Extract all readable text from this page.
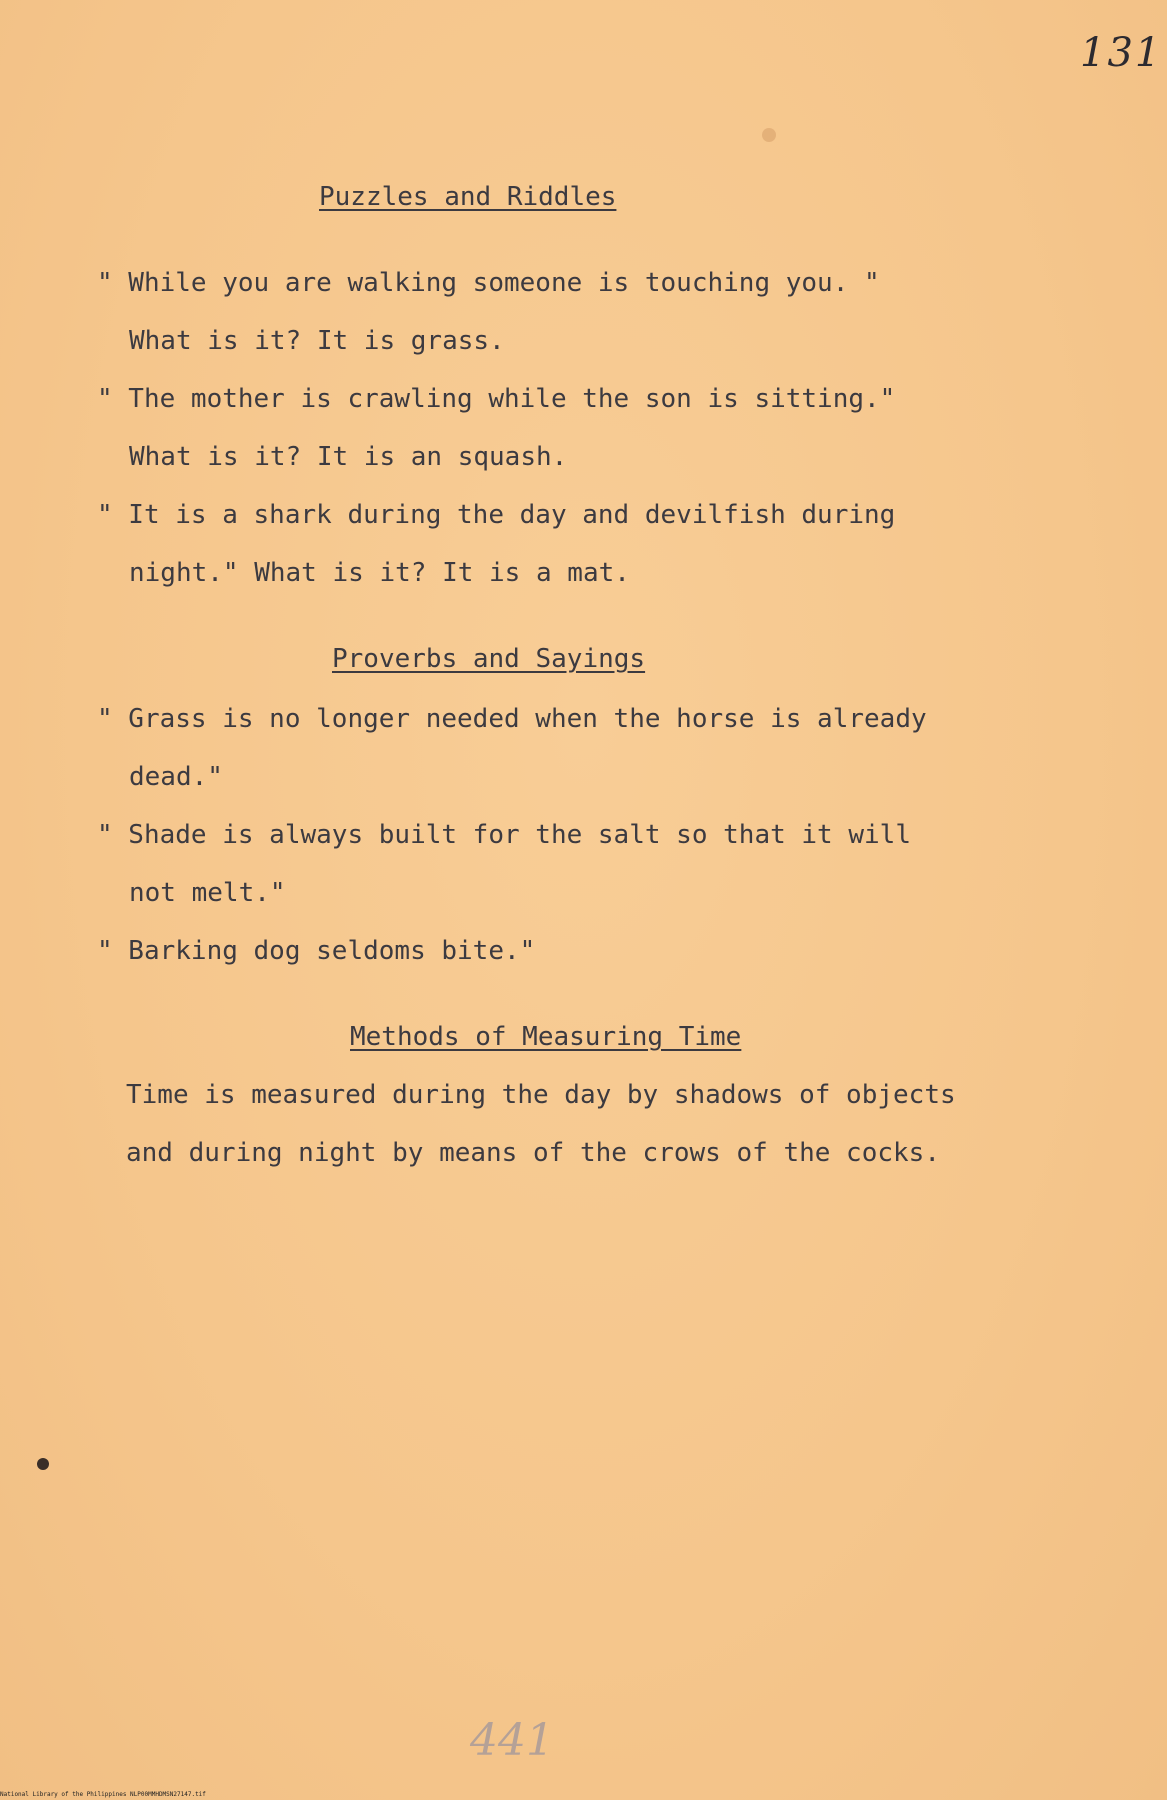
131
Puzzles and Riddles
" While you are walking someone is touching you. "
What is it? It is grass.
" The mother is crawling while the son is sitting."
What is it? It is an squash.
" It is a shark during the day and devilfish during
night." What is it? It is a mat.
Proverbs and Sayings
" Grass is no longer needed when the horse is already
dead."
" Shade is always built for the salt so that it will
not melt."
" Barking dog seldoms bite."
Methods of Measuring Time
Time is measured during the day by shadows of objects
and during night by means of the crows of the cocks.
441
National Library of the Philippines NLP00MMHDMSN27147.tif
